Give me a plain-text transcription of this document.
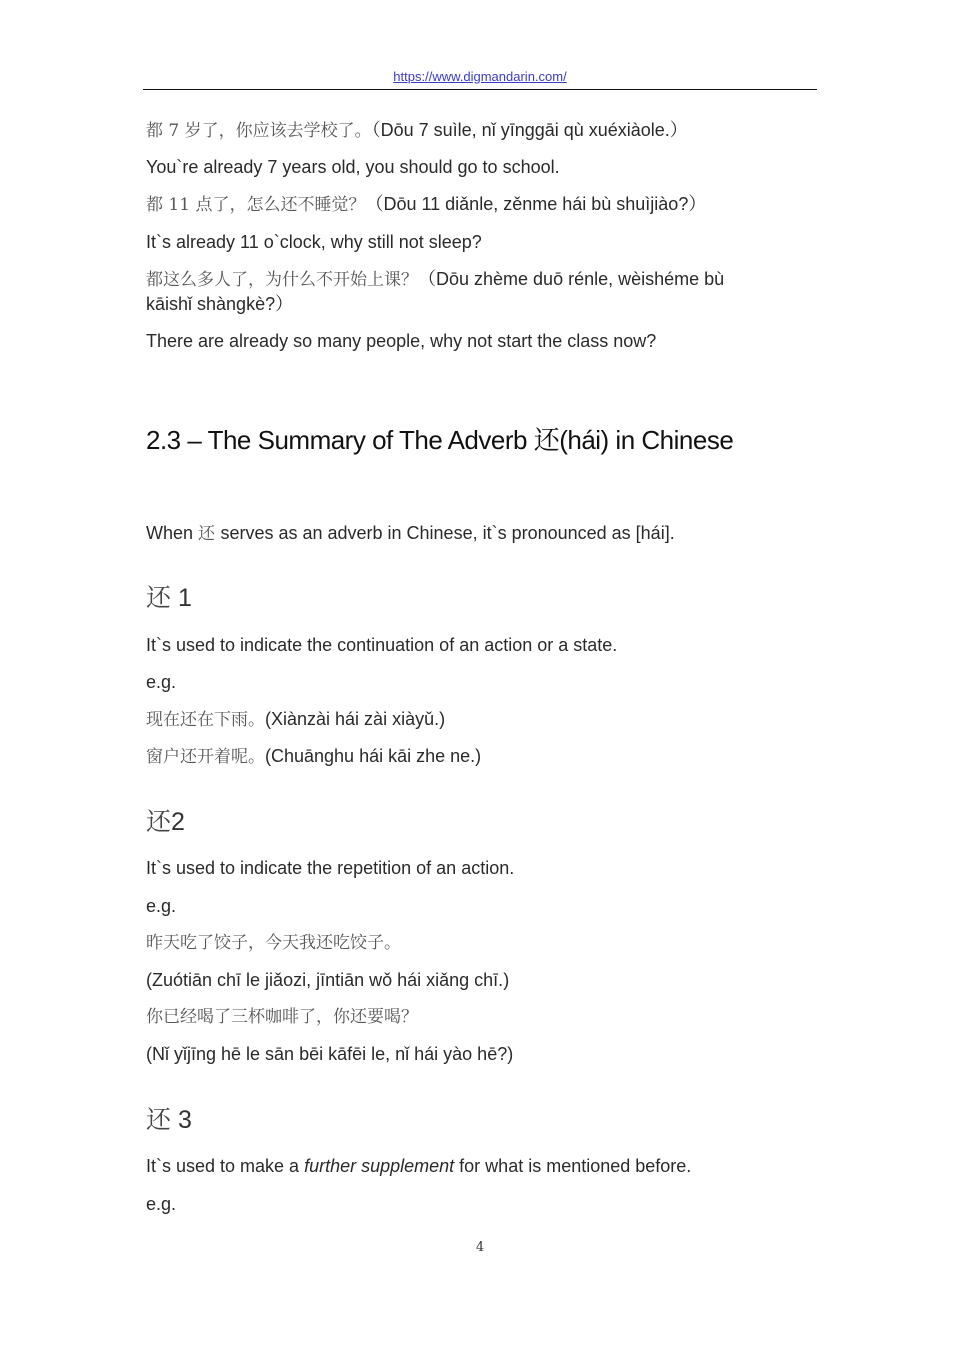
https://www.digmandarin.com/
都 7 岁了，你应该去学校了。（Dōu 7 suìle, nǐ yīnggāi qù xuéxiàole.）
You`re already 7 years old, you should go to school.
都 11 点了，怎么还不睡觉？（Dōu 11 diǎnle, zěnme hái bù shuìjiào?）
It`s already 11 o`clock, why still not sleep?
都这么多人了，为什么不开始上课？（Dōu zhème duō rénle, wèishéme bù
kāishǐ shàngkè?）
There are already so many people, why not start the class now?
2.3 – The Summary of The Adverb 还(hái) in Chinese
When 还 serves as an adverb in Chinese, it`s pronounced as [hái].
还 1
It`s used to indicate the continuation of an action or a state.
e.g.
现在还在下雨。(Xiànzài hái zài xiàyǔ.)
窗户还开着呢。(Chuānghu hái kāi zhe ne.)
还2
It`s used to indicate the repetition of an action.
e.g.
昨天吃了饺子，今天我还吃饺子。
(Zuótiān chī le jiǎozi, jīntiān wǒ hái xiǎng chī.)
你已经喝了三杯咖啡了，你还要喝？
(Nǐ yǐjīng hē le sān bēi kāfēi le, nǐ hái yào hē?)
还 3
It`s used to make a further supplement for what is mentioned before.
e.g.
4
